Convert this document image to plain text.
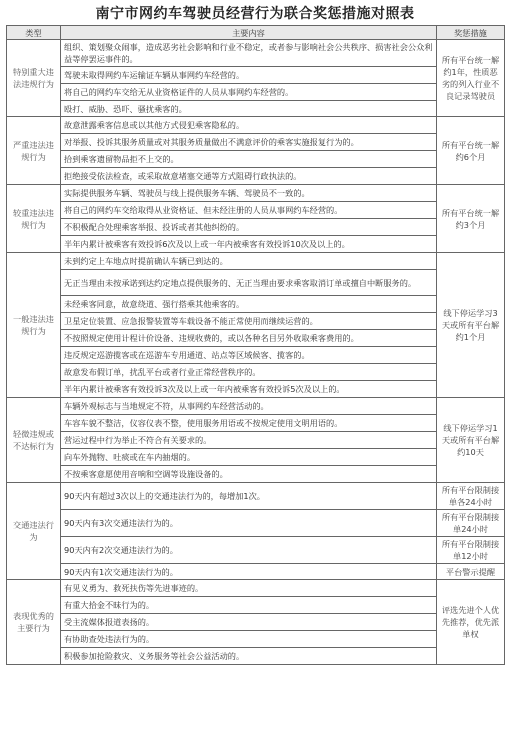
南宁市网约车驾驶员经营行为联合奖惩措施对照表
类型	主要内容	奖惩措施
特别重大违法违规行为	组织、策划聚众闹事，造成恶劣社会影响和行业不稳定，或者参与影响社会公共秩序、损害社会公众利益等停罢运事件的。	所有平台统一解约1年，性质恶劣的列入行业不良记录驾驶员
	驾驶未取得网约车运输证车辆从事网约车经营的。	
	将自己的网约车交给无从业资格证件的人员从事网约车经营的。	
	殴打、威胁、恐吓、骚扰乘客的。	
严重违法违规行为	故意泄露乘客信息或以其他方式侵犯乘客隐私的。	所有平台统一解约6个月
	对举报、投诉其服务质量或对其服务质量做出不满意评价的乘客实施报复行为的。	
	拾到乘客遗留物品拒不上交的。	
	拒绝接受依法检查，或采取故意堵塞交通等方式阻碍行政执法的。	
较重违法违规行为	实际提供服务车辆、驾驶员与线上提供服务车辆、驾驶员不一致的。	所有平台统一解约3个月
	将自己的网约车交给取得从业资格证、但未经注册的人员从事网约车经营的。	
	不积极配合处理乘客举报、投诉或者其他纠纷的。	
	半年内累计被乘客有效投诉6次及以上或一年内被乘客有效投诉10次及以上的。	
一般违法违规行为	未到约定上车地点时提前确认车辆已到达的。	线下停运学习3天或所有平台解约1个月
	无正当理由未按承诺到达约定地点提供服务的、无正当理由要求乘客取消订单或擅自中断服务的。	
	未经乘客同意，故意绕道、强行搭乘其他乘客的。	
	卫星定位装置、应急报警装置等车载设备不能正常使用而继续运营的。	
	不按照规定使用计程计价设备、违规收费的，或以各种名目另外收取乘客费用的。	
	违反规定巡游揽客或在巡游车专用通道、站点等区域候客、揽客的。	
	故意发布假订单，扰乱平台或者行业正常经营秩序的。	
	半年内累计被乘客有效投诉3次及以上或一年内被乘客有效投诉5次及以上的。	
轻微违规或不达标行为	车辆外观标志与当地规定不符，从事网约车经营活动的。	线下停运学习1天或所有平台解约10天
	车容车貌不整洁，仪容仪表不整，使用服务用语或不按规定使用文明用语的。	
	营运过程中行为举止不符合有关要求的。	
	向车外抛物、吐痰或在车内抽烟的。	
	不按乘客意愿使用音响和空调等设施设备的。	
交通违法行为	90天内有超过3次以上的交通违法行为的，每增加1次。	所有平台限制接单各24小时
	90天内有3次交通违法行为的。	所有平台限制接单24小时
	90天内有2次交通违法行为的。	所有平台限制接单12小时
	90天内有1次交通违法行为的。	平台警示提醒
表现优秀的主要行为	有见义勇为、救死扶伤等先进事迹的。	评选先进个人优先推荐，优先派单权
	有重大拾金不昧行为的。	
	受主流媒体报道表扬的。	
	有协助查处违法行为的。	
	积极参加抢险救灾、义务服务等社会公益活动的。	
